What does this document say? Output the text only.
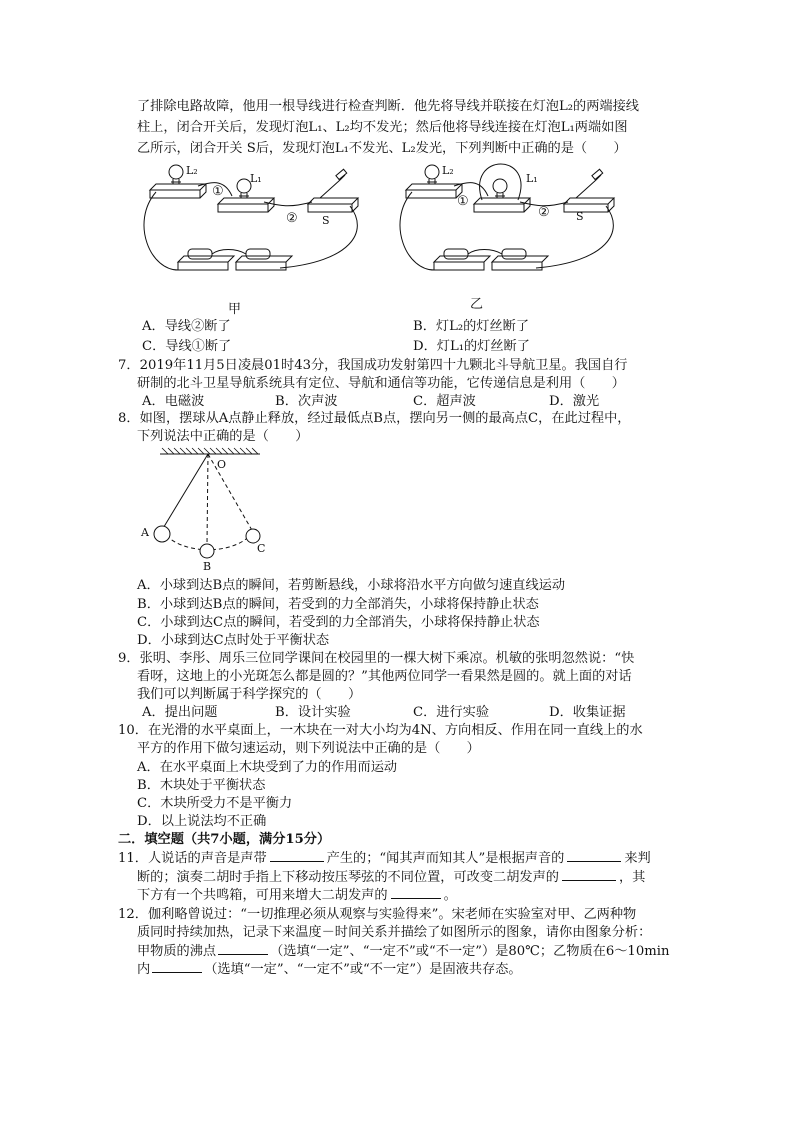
了排除电路故障，他用一根导线进行检查判断．他先将导线并联接在灯泡L₂的两端接线
柱上，闭合开关后，发现灯泡L₁、L₂均不发光；然后他将导线连接在灯泡L₁两端如图
乙所示，闭合开关 S后，发现灯泡L₁不发光、L₂发光，下列判断中正确的是（　　）
L₂
L₁
①
② S
甲
L₂
L₁
①
② S
乙
A．导线②断了	B．灯L₂的灯丝断了
C．导线①断了	D．灯L₁的灯丝断了
7．2019年11月5日凌晨01时43分，我国成功发射第四十九颗北斗导航卫星。我国自行
研制的北斗卫星导航系统具有定位、导航和通信等功能，它传递信息是利用（　　）
A．电磁波	B．次声波	C．超声波	D．激光
8．如图，摆球从A点静止释放，经过最低点B点，摆向另一侧的最高点C，在此过程中，
下列说法中正确的是（　　）
O
A
B
C
A．小球到达B点的瞬间，若剪断悬线，小球将沿水平方向做匀速直线运动
B．小球到达B点的瞬间，若受到的力全部消失，小球将保持静止状态
C．小球到达C点的瞬间，若受到的力全部消失，小球将保持静止状态
D．小球到达C点时处于平衡状态
9．张明、李彤、周乐三位同学课间在校园里的一棵大树下乘凉。机敏的张明忽然说：“快
看呀，这地上的小光斑怎么都是圆的？”其他两位同学一看果然是圆的。就上面的对话
我们可以判断属于科学探究的（　　）
A．提出问题	B．设计实验	C．进行实验	D．收集证据
10．在光滑的水平桌面上，一木块在一对大小均为4N、方向相反、作用在同一直线上的水
平方的作用下做匀速运动，则下列说法中正确的是（　　）
A．在水平桌面上木块受到了力的作用而运动
B．木块处于平衡状态
C．木块所受力不是平衡力
D．以上说法均不正确
二．填空题（共7小题，满分15分）
11．人说话的声音是声带	产生的；“闻其声而知其人”是根据声音的	来判
断的；演奏二胡时手指上下移动按压琴弦的不同位置，可改变二胡发声的	，其
下方有一个共鸣箱，可用来增大二胡发声的	。
12．伽利略曾说过：“一切推理必须从观察与实验得来”。宋老师在实验室对甲、乙两种物
质同时持续加热，记录下来温度－时间关系并描绘了如图所示的图象，请你由图象分析：
甲物质的沸点	（选填“一定”、“一定不”或“不一定”）是80℃；乙物质在6～10min
内	（选填“一定”、“一定不”或“不一定”）是固液共存态。
